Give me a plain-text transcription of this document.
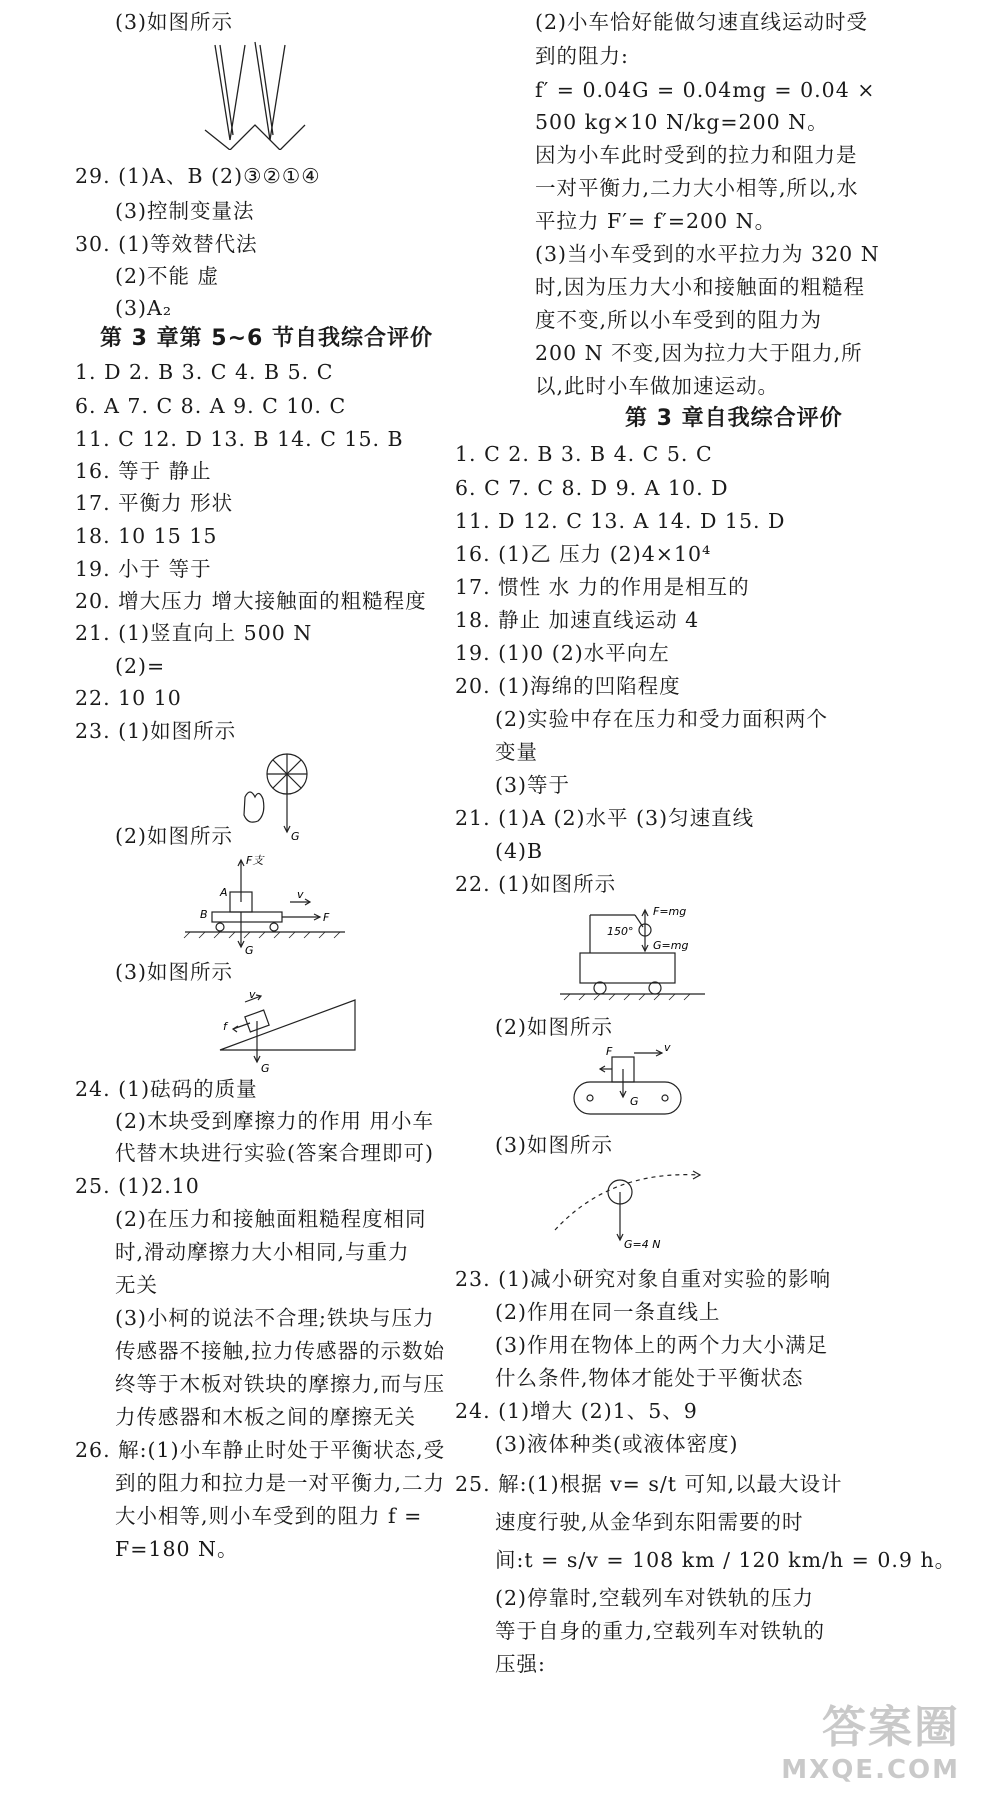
(3)如图所示
29. (1)A、B (2)③②①④
(3)控制变量法
30. (1)等效替代法
(2)不能 虚
(3)A₂
第 3 章第 5~6 节自我综合评价
1. D 2. B 3. C 4. B 5. C
6. A 7. C 8. A 9. C 10. C
11. C 12. D 13. B 14. C 15. B
16. 等于 静止
17. 平衡力 形状
18. 10 15 15
19. 小于 等于
20. 增大压力 增大接触面的粗糙程度
21. (1)竖直向上 500 N
(2)=
22. 10 10
23. (1)如图所示
G
(2)如图所示
F支
A
B
v
F
G
(3)如图所示
G
f
v
24. (1)砝码的质量
(2)木块受到摩擦力的作用 用小车
代替木块进行实验(答案合理即可)
25. (1)2.10
(2)在压力和接触面粗糙程度相同
时,滑动摩擦力大小相同,与重力
无关
(3)小柯的说法不合理;铁块与压力
传感器不接触,拉力传感器的示数始
终等于木板对铁块的摩擦力,而与压
力传感器和木板之间的摩擦无关
26. 解:(1)小车静止时处于平衡状态,受
到的阻力和拉力是一对平衡力,二力
大小相等,则小车受到的阻力 f =
F=180 N。
(2)小车恰好能做匀速直线运动时受
到的阻力:
f′ = 0.04G = 0.04mg = 0.04 ×
500 kg×10 N/kg=200 N。
因为小车此时受到的拉力和阻力是
一对平衡力,二力大小相等,所以,水
平拉力 F′= f′=200 N。
(3)当小车受到的水平拉力为 320 N
时,因为压力大小和接触面的粗糙程
度不变,所以小车受到的阻力为
200 N 不变,因为拉力大于阻力,所
以,此时小车做加速运动。
第 3 章自我综合评价
1. C 2. B 3. B 4. C 5. C
6. C 7. C 8. D 9. A 10. D
11. D 12. C 13. A 14. D 15. D
16. (1)乙 压力 (2)4×10⁴
17. 惯性 水 力的作用是相互的
18. 静止 加速直线运动 4
19. (1)0 (2)水平向左
20. (1)海绵的凹陷程度
(2)实验中存在压力和受力面积两个
变量
(3)等于
21. (1)A (2)水平 (3)匀速直线
(4)B
22. (1)如图所示
F=mg
G=mg
150°
(2)如图所示
F	v
G
(3)如图所示
G=4 N
23. (1)减小研究对象自重对实验的影响
(2)作用在同一条直线上
(3)作用在物体上的两个力大小满足
什么条件,物体才能处于平衡状态
24. (1)增大 (2)1、5、9
(3)液体种类(或液体密度)
25. 解:(1)根据 v= s/t 可知,以最大设计
速度行驶,从金华到东阳需要的时
间:t = s/v = 108 km / 120 km/h = 0.9 h。
(2)停靠时,空载列车对铁轨的压力
等于自身的重力,空载列车对铁轨的
压强:
答案圈
MXQE.COM
